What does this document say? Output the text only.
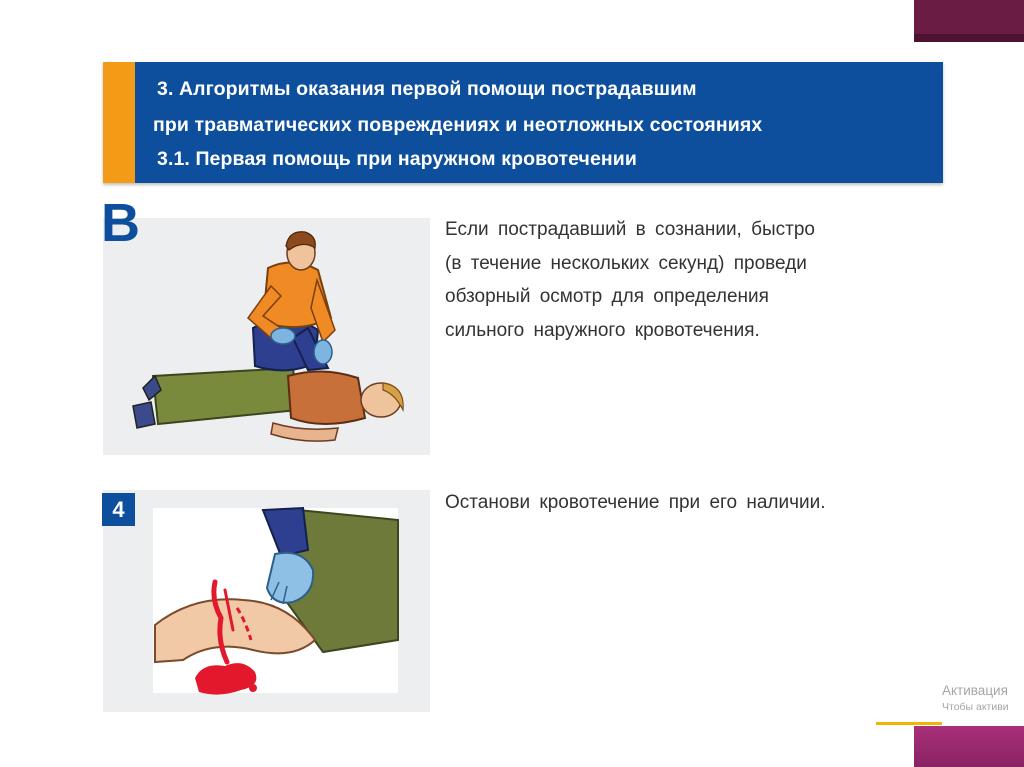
3. Алгоритмы оказания первой помощи пострадавшим
при травматических повреждениях и неотложных состояниях
3.1. Первая помощь при наружном кровотечении
В	Если пострадавший в сознании, быстро
(в течение нескольких секунд) проведи
обзорный осмотр для определения
сильного наружного кровотечения.
4	Останови кровотечение при его наличии.
Активация
Чтобы активи
